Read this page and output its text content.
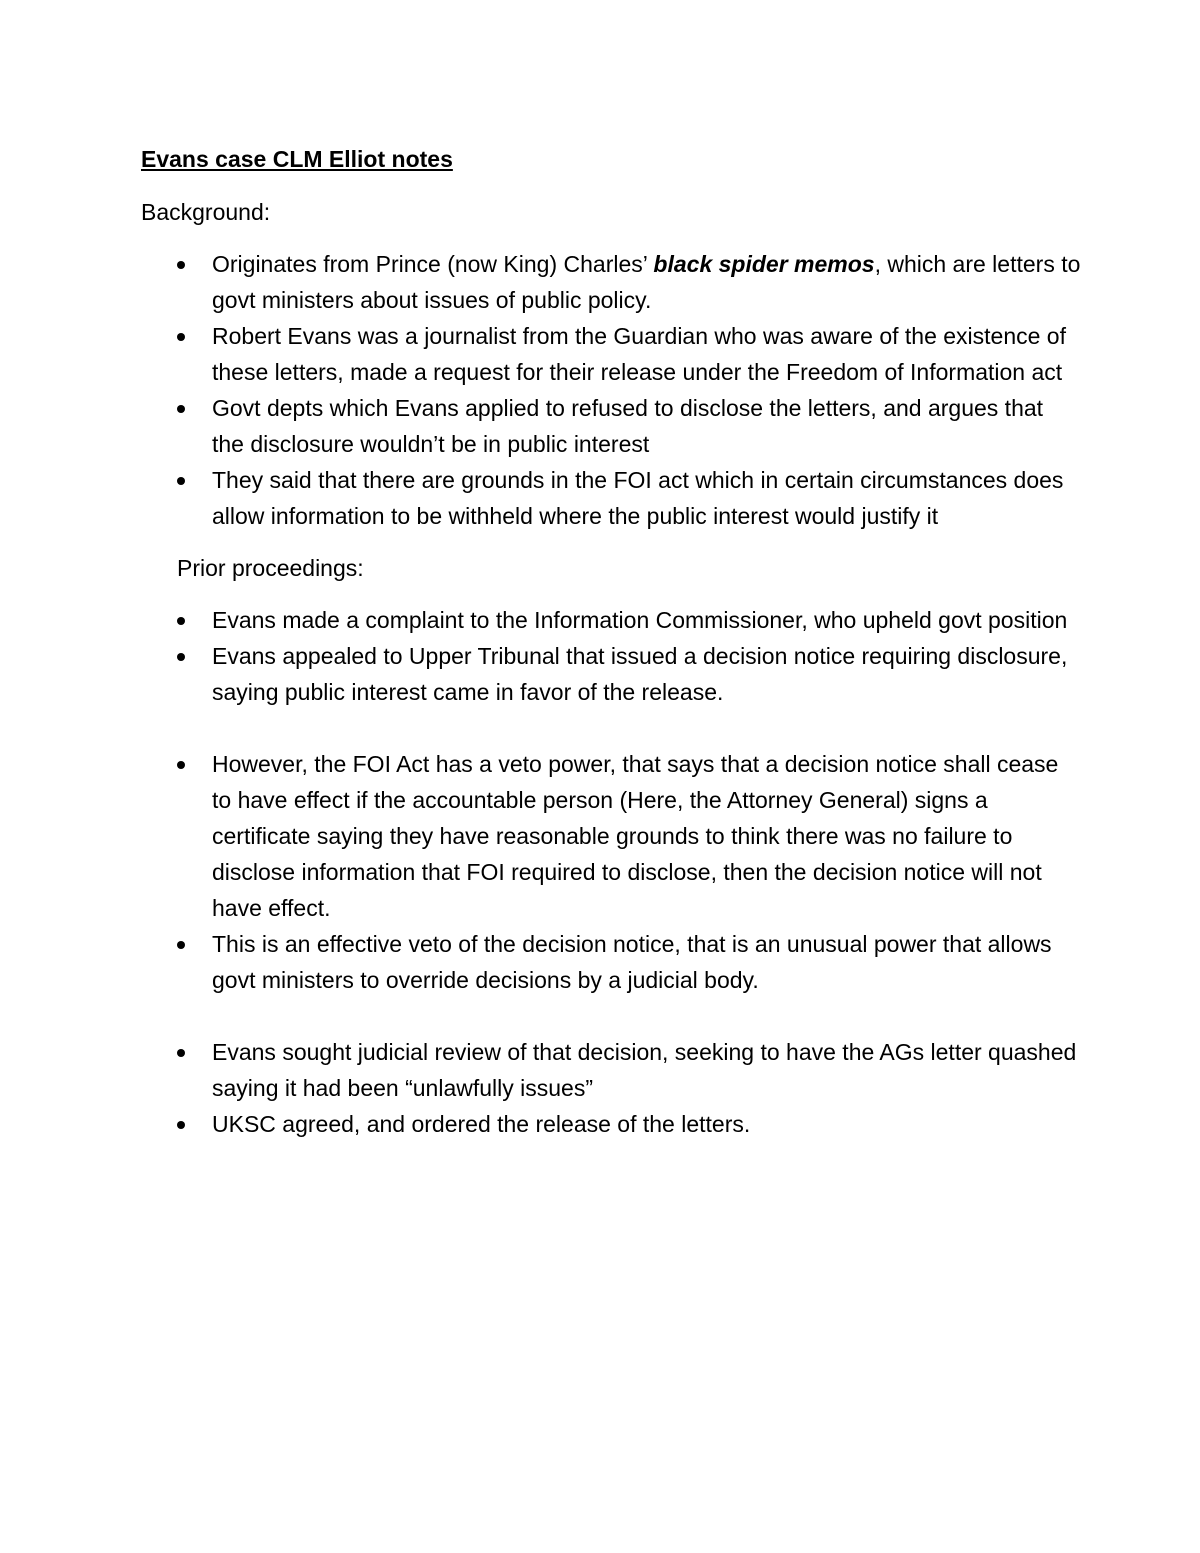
Evans case CLM Elliot notes

Background:

Originates from Prince (now King) Charles’ black spider memos, which are letters to govt ministers about issues of public policy.
Robert Evans was a journalist from the Guardian who was aware of the existence of these letters, made a request for their release under the Freedom of Information act
Govt depts which Evans applied to refused to disclose the letters, and argues that the disclosure wouldn’t be in public interest
They said that there are grounds in the FOI act which in certain circumstances does allow information to be withheld where the public interest would justify it

Prior proceedings:

Evans made a complaint to the Information Commissioner, who upheld govt position
Evans appealed to Upper Tribunal that issued a decision notice requiring disclosure, saying public interest came in favor of the release.
However, the FOI Act has a veto power, that says that a decision notice shall cease to have effect if the accountable person (Here, the Attorney General) signs a certificate saying they have reasonable grounds to think there was no failure to disclose information that FOI required to disclose, then the decision notice will not have effect.
This is an effective veto of the decision notice, that is an unusual power that allows govt ministers to override decisions by a judicial body.
Evans sought judicial review of that decision, seeking to have the AGs letter quashed saying it had been “unlawfully issues”
UKSC agreed, and ordered the release of the letters.
